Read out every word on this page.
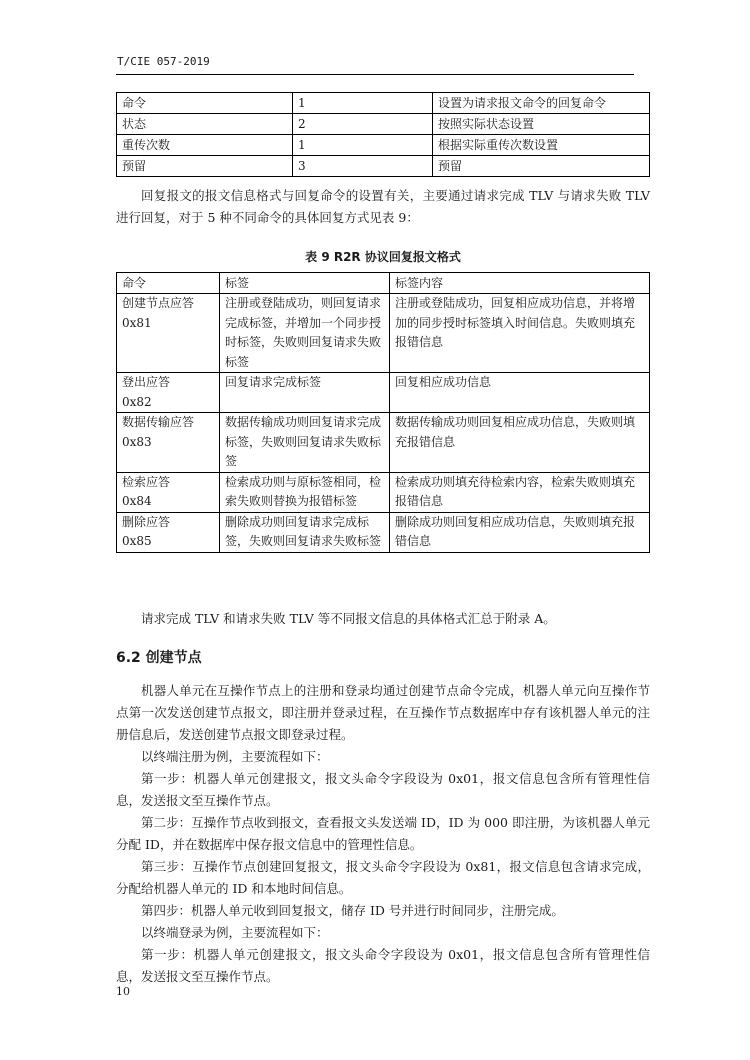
T/CIE 057-2019
命令	1	设置为请求报文命令的回复命令
状态	2	按照实际状态设置
重传次数	1	根据实际重传次数设置
预留	3	预留
回复报文的报文信息格式与回复命令的设置有关，主要通过请求完成 TLV 与请求失败 TLV 进行回复，对于 5 种不同命令的具体回复方式见表 9：
表 9 R2R 协议回复报文格式
命令	标签	标签内容

创建节点应答
0x81	注册或登陆成功，则回复请求完成标签，并增加一个同步授时标签，失败则回复请求失败标签	注册或登陆成功，回复相应成功信息，并将增加的同步授时标签填入时间信息。失败则填充报错信息

登出应答
0x82	回复请求完成标签	回复相应成功信息

数据传输应答
0x83	数据传输成功则回复请求完成标签，失败则回复请求失败标签	数据传输成功则回复相应成功信息，失败则填充报错信息

检索应答
0x84	检索成功则与原标签相同，检索失败则替换为报错标签	检索成功则填充待检索内容，检索失败则填充报错信息

删除应答
0x85	删除成功则回复请求完成标签，失败则回复请求失败标签	删除成功则回复相应成功信息，失败则填充报错信息
请求完成 TLV 和请求失败 TLV 等不同报文信息的具体格式汇总于附录 A。
6.2 创建节点
机器人单元在互操作节点上的注册和登录均通过创建节点命令完成，机器人单元向互操作节点第一次发送创建节点报文，即注册并登录过程，在互操作节点数据库中存有该机器人单元的注册信息后，发送创建节点报文即登录过程。
以终端注册为例，主要流程如下：
第一步：机器人单元创建报文，报文头命令字段设为 0x01，报文信息包含所有管理性信息，发送报文至互操作节点。
第二步：互操作节点收到报文，查看报文头发送端 ID，ID 为 000 即注册，为该机器人单元分配 ID，并在数据库中保存报文信息中的管理性信息。
第三步：互操作节点创建回复报文，报文头命令字段设为 0x81，报文信息包含请求完成，分配给机器人单元的 ID 和本地时间信息。
第四步：机器人单元收到回复报文，储存 ID 号并进行时间同步，注册完成。
以终端登录为例，主要流程如下：
第一步：机器人单元创建报文，报文头命令字段设为 0x01，报文信息包含所有管理性信息，发送报文至互操作节点。
10
